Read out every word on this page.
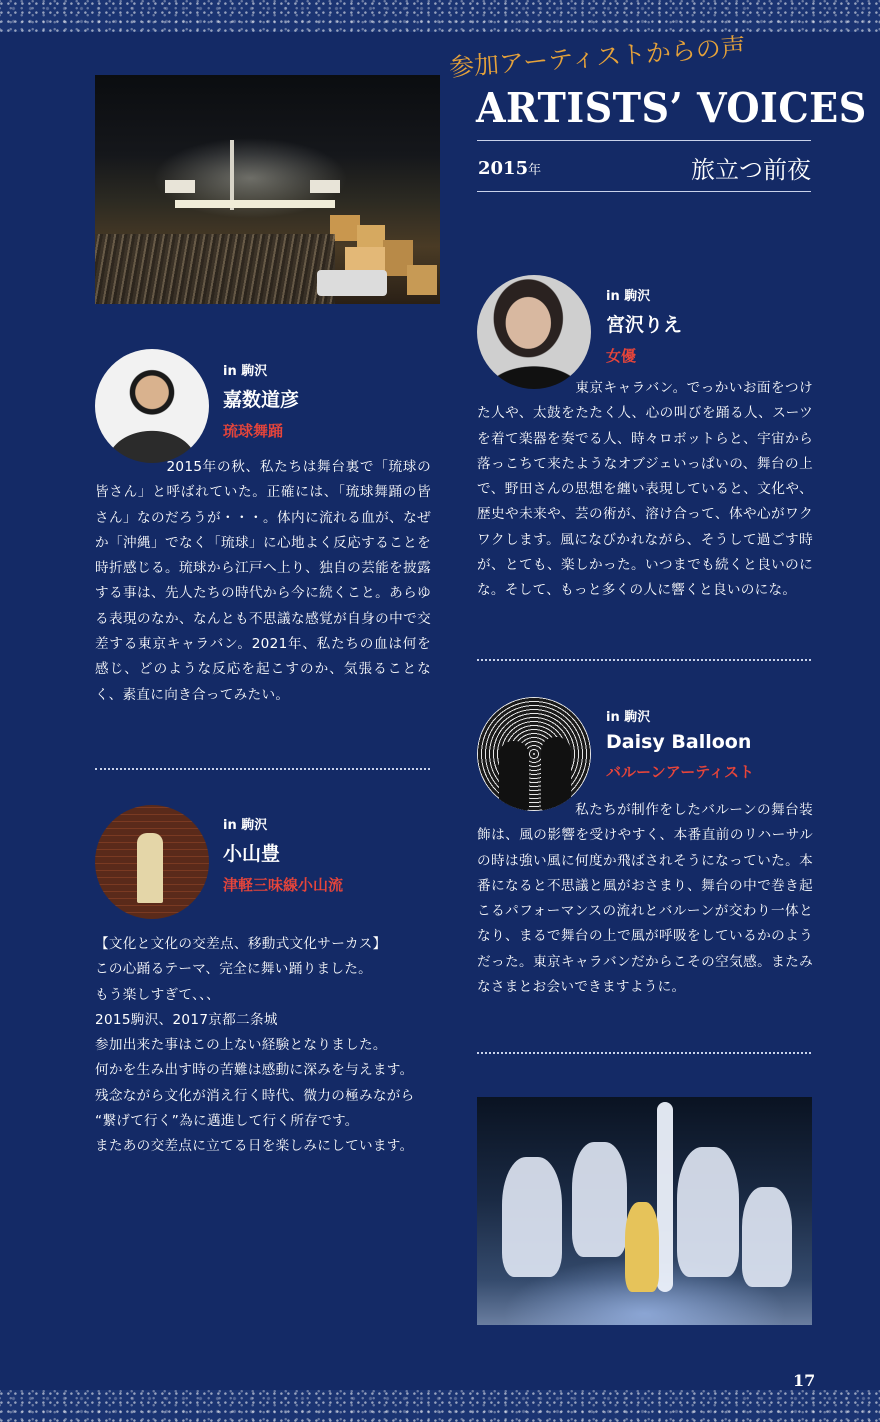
参加アーティストからの声
ARTISTS’ VOICES
2015年	旅立つ前夜
in 駒沢
嘉数道彦
琉球舞踊

　　　　　2015年の秋、私たちは舞台裏で「琉球の皆さん」と呼ばれていた。正確には、「琉球舞踊の皆さん」なのだろうが・・・。体内に流れる血が、なぜか「沖縄」でなく「琉球」に心地よく反応することを時折感じる。琉球から江戸へ上り、独自の芸能を披露する事は、先人たちの時代から今に続くこと。あらゆる表現のなか、なんとも不思議な感覚が自身の中で交差する東京キャラバン。2021年、私たちの血は何を感じ、どのような反応を起こすのか、気張ることなく、素直に向き合ってみたい。

in 駒沢
小山豊
津軽三味線小山流
【文化と文化の交差点、移動式文化サーカス】
この心踊るテーマ、完全に舞い踊りました。
もう楽しすぎて、、、
2015駒沢、2017京都二条城
参加出来た事はこの上ない経験となりました。
何かを生み出す時の苦難は感動に深みを与えます。
残念ながら文化が消え行く時代、微力の極みながら
“繋げて行く”為に邁進して行く所存です。
またあの交差点に立てる日を楽しみにしています。
in 駒沢
宮沢りえ
女優

　　　　　　　東京キャラバン。でっかいお面をつけた人や、太鼓をたたく人、心の叫びを踊る人、スーツを着て楽器を奏でる人、時々ロボットらと、宇宙から落っこちて来たようなオブジェいっぱいの、舞台の上で、野田さんの思想を纏い表現していると、文化や、歴史や未来や、芸の術が、溶け合って、体や心がワクワクします。風になびかれながら、そうして過ごす時が、とても、楽しかった。いつまでも続くと良いのにな。そして、もっと多くの人に響くと良いのにな。

in 駒沢
Daisy Balloon
バルーンアーティスト

　　　　　　　私たちが制作をしたバルーンの舞台装飾は、風の影響を受けやすく、本番直前のリハーサルの時は強い風に何度か飛ばされそうになっていた。本番になると不思議と風がおさまり、舞台の中で巻き起こるパフォーマンスの流れとバルーンが交わり一体となり、まるで舞台の上で風が呼吸をしているかのようだった。東京キャラバンだからこその空気感。またみなさまとお会いできますように。

17
